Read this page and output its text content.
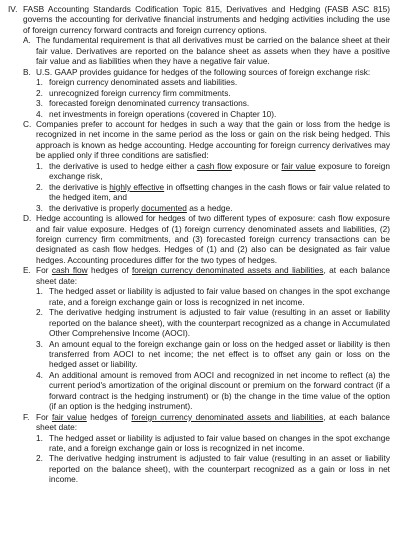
IV. FASB Accounting Standards Codification Topic 815, Derivatives and Hedging (FASB ASC 815) governs the accounting for derivative financial instruments and hedging activities including the use of foreign currency forward contracts and foreign currency options.
A. The fundamental requirement is that all derivatives must be carried on the balance sheet at their fair value. Derivatives are reported on the balance sheet as assets when they have a positive fair value and as liabilities when they have a negative fair value.
B. U.S. GAAP provides guidance for hedges of the following sources of foreign exchange risk:
1. foreign currency denominated assets and liabilities.
2. unrecognized foreign currency firm commitments.
3. forecasted foreign denominated currency transactions.
4. net investments in foreign operations (covered in Chapter 10).
C. Companies prefer to account for hedges in such a way that the gain or loss from the hedge is recognized in net income in the same period as the loss or gain on the risk being hedged. This approach is known as hedge accounting. Hedge accounting for foreign currency derivatives may be applied only if three conditions are satisfied:
1. the derivative is used to hedge either a cash flow exposure or fair value exposure to foreign exchange risk,
2. the derivative is highly effective in offsetting changes in the cash flows or fair value related to the hedged item, and
3. the derivative is properly documented as a hedge.
D. Hedge accounting is allowed for hedges of two different types of exposure: cash flow exposure and fair value exposure. Hedges of (1) foreign currency denominated assets and liabilities, (2) foreign currency firm commitments, and (3) forecasted foreign currency transactions can be designated as cash flow hedges. Hedges of (1) and (2) also can be designated as fair value hedges. Accounting procedures differ for the two types of hedges.
E. For cash flow hedges of foreign currency denominated assets and liabilities, at each balance sheet date:
1. The hedged asset or liability is adjusted to fair value based on changes in the spot exchange rate, and a foreign exchange gain or loss is recognized in net income.
2. The derivative hedging instrument is adjusted to fair value (resulting in an asset or liability reported on the balance sheet), with the counterpart recognized as a change in Accumulated Other Comprehensive Income (AOCI).
3. An amount equal to the foreign exchange gain or loss on the hedged asset or liability is then transferred from AOCI to net income; the net effect is to offset any gain or loss on the hedged asset or liability.
4. An additional amount is removed from AOCI and recognized in net income to reflect (a) the current period's amortization of the original discount or premium on the forward contract (if a forward contract is the hedging instrument) or (b) the change in the time value of the option (if an option is the hedging instrument).
F. For fair value hedges of foreign currency denominated assets and liabilities, at each balance sheet date:
1. The hedged asset or liability is adjusted to fair value based on changes in the spot exchange rate, and a foreign exchange gain or loss is recognized in net income.
2. The derivative hedging instrument is adjusted to fair value (resulting in an asset or liability reported on the balance sheet), with the counterpart recognized as a gain or loss in net income.
